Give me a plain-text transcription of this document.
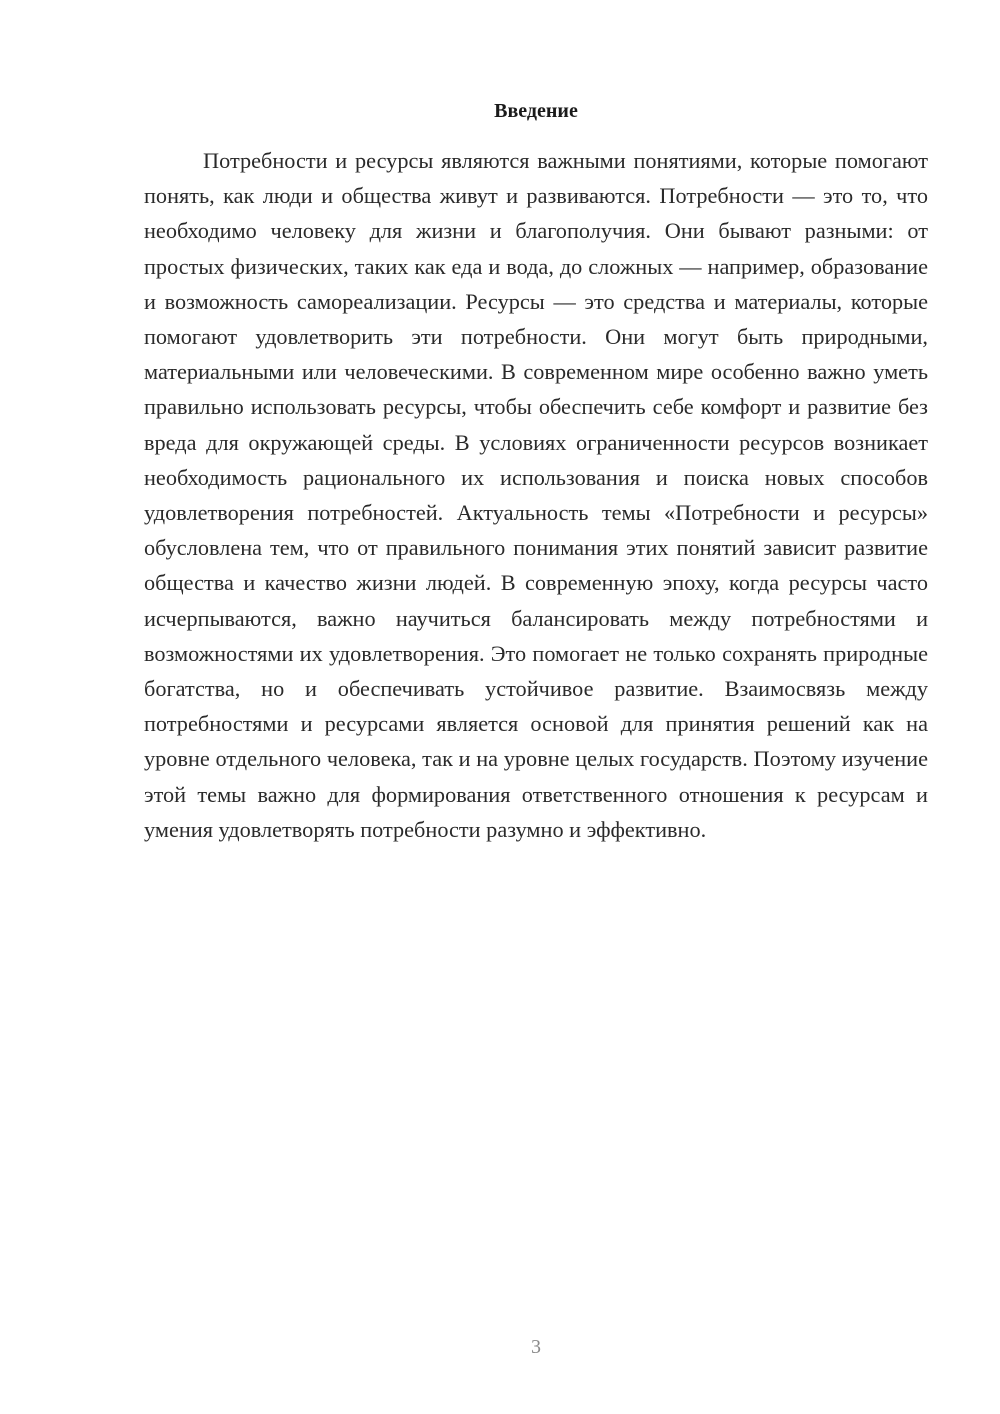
Введение

Потребности и ресурсы являются важными понятиями, которые помогают понять, как люди и общества живут и развиваются. Потребности — это то, что необходимо человеку для жизни и благополучия. Они бывают разными: от простых физических, таких как еда и вода, до сложных — например, образование и возможность самореализации. Ресурсы — это средства и материалы, которые помогают удовлетворить эти потребности. Они могут быть природными, материальными или человеческими. В современном мире особенно важно уметь правильно использовать ресурсы, чтобы обеспечить себе комфорт и развитие без вреда для окружающей среды. В условиях ограниченности ресурсов возникает необходимость рационального их использования и поиска новых способов удовлетворения потребностей. Актуальность темы «Потребности и ресурсы» обусловлена тем, что от правильного понимания этих понятий зависит развитие общества и качество жизни людей. В современную эпоху, когда ресурсы часто исчерпываются, важно научиться балансировать между потребностями и возможностями их удовлетворения. Это помогает не только сохранять природные богатства, но и обеспечивать устойчивое развитие. Взаимосвязь между потребностями и ресурсами является основой для принятия решений как на уровне отдельного человека, так и на уровне целых государств. Поэтому изучение этой темы важно для формирования ответственного отношения к ресурсам и умения удовлетворять потребности разумно и эффективно.

3
